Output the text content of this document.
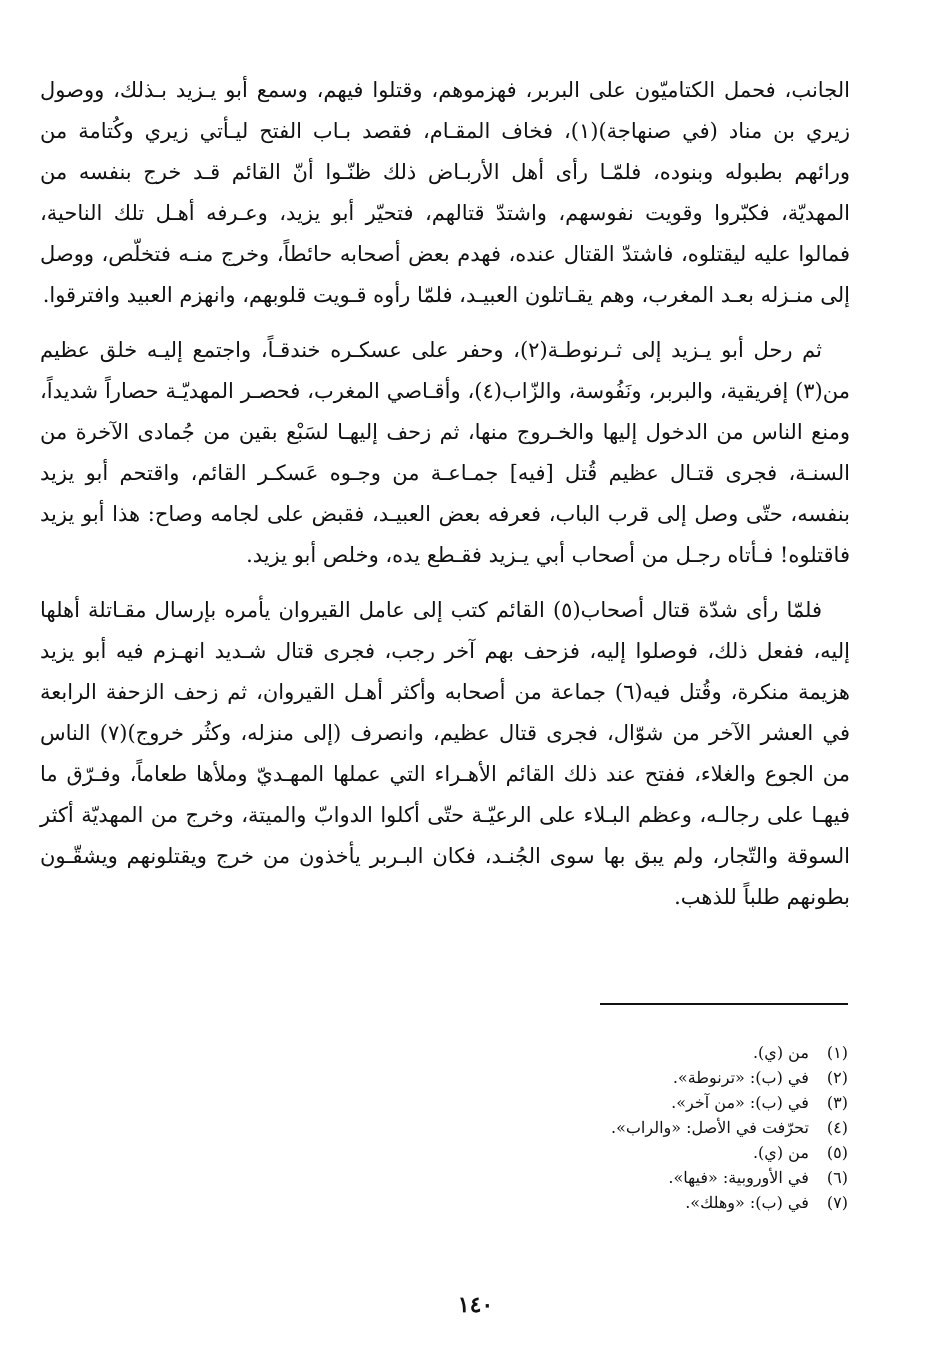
الجانب، فحمل الكتاميّون على البربر، فهزموهم، وقتلوا فيهم، وسمع أبو يـزيد بـذلك، ووصول زيري بن مناد (في صنهاجة)(١)، فخاف المقـام، فقصد بـاب الفتح ليـأتي زيري وكُتامة من ورائهم بطبوله وبنوده، فلمّـا رأى أهل الأربـاض ذلك ظنّـوا أنّ القائم قـد خرج بنفسه من المهديّة، فكبّروا وقويت نفوسهم، واشتدّ قتالهم، فتحيّر أبو يزيد، وعـرفه أهـل تلك الناحية، فمالوا عليه ليقتلوه، فاشتدّ القتال عنده، فهدم بعض أصحابه حائطاً، وخرج منـه فتخلّص، ووصل إلى منـزله بعـد المغرب، وهم يقـاتلون العبيـد، فلمّا رأوه قـويت قلوبهم، وانهزم العبيد وافترقوا.

ثم رحل أبو يـزيد إلى ثـرنوطـة(٢)، وحفر على عسكـره خندقـاً، واجتمع إليـه خلق عظيم من(٣) إفريقية، والبربر، ونَفُوسة، والزّاب(٤)، وأقـاصي المغرب، فحصـر المهديّـة حصاراً شديداً، ومنع الناس من الدخول إليها والخـروج منها، ثم زحف إليهـا لسَبْع بقين من جُمادى الآخرة من السنـة، فجرى قتـال عظيم قُتل [فيه] جمـاعـة من وجـوه عَسكـر القائم، واقتحم أبو يزيد بنفسه، حتّى وصل إلى قرب الباب، فعرفه بعض العبيـد، فقبض على لجامه وصاح: هذا أبو يزيد فاقتلوه! فـأتاه رجـل من أصحاب أبي يـزيد فقـطع يده، وخلص أبو يزيد.

فلمّا رأى شدّة قتال أصحاب(٥) القائم كتب إلى عامل القيروان يأمره بإرسال مقـاتلة أهلها إليه، ففعل ذلك، فوصلوا إليه، فزحف بهم آخر رجب، فجرى قتال شـديد انهـزم فيه أبو يزيد هزيمة منكرة، وقُتل فيه(٦) جماعة من أصحابه وأكثر أهـل القيروان، ثم زحف الزحفة الرابعة في العشر الآخر من شوّال، فجرى قتال عظيم، وانصرف (إلى منزله، وكثُر خروج)(٧) الناس من الجوع والغلاء، ففتح عند ذلك القائم الأهـراء التي عملها المهـديّ وملأها طعاماً، وفـرّق ما فيهـا على رجالـه، وعظم البـلاء على الرعيّـة حتّى أكلوا الدوابّ والميتة، وخرج من المهديّة أكثر السوقة والتّجار، ولم يبق بها سوى الجُنـد، فكان البـربر يأخذون من خرج ويقتلونهم ويشقّـون بطونهم طلباً للذهب.

(١) من (ي).
(٢) في (ب): «ترنوطة».
(٣) في (ب): «من آخر».
(٤) تحرّفت في الأصل: «والراب».
(٥) من (ي).
(٦) في الأوروبية: «فيها».
(٧) في (ب): «وهلك».
١٤٠
